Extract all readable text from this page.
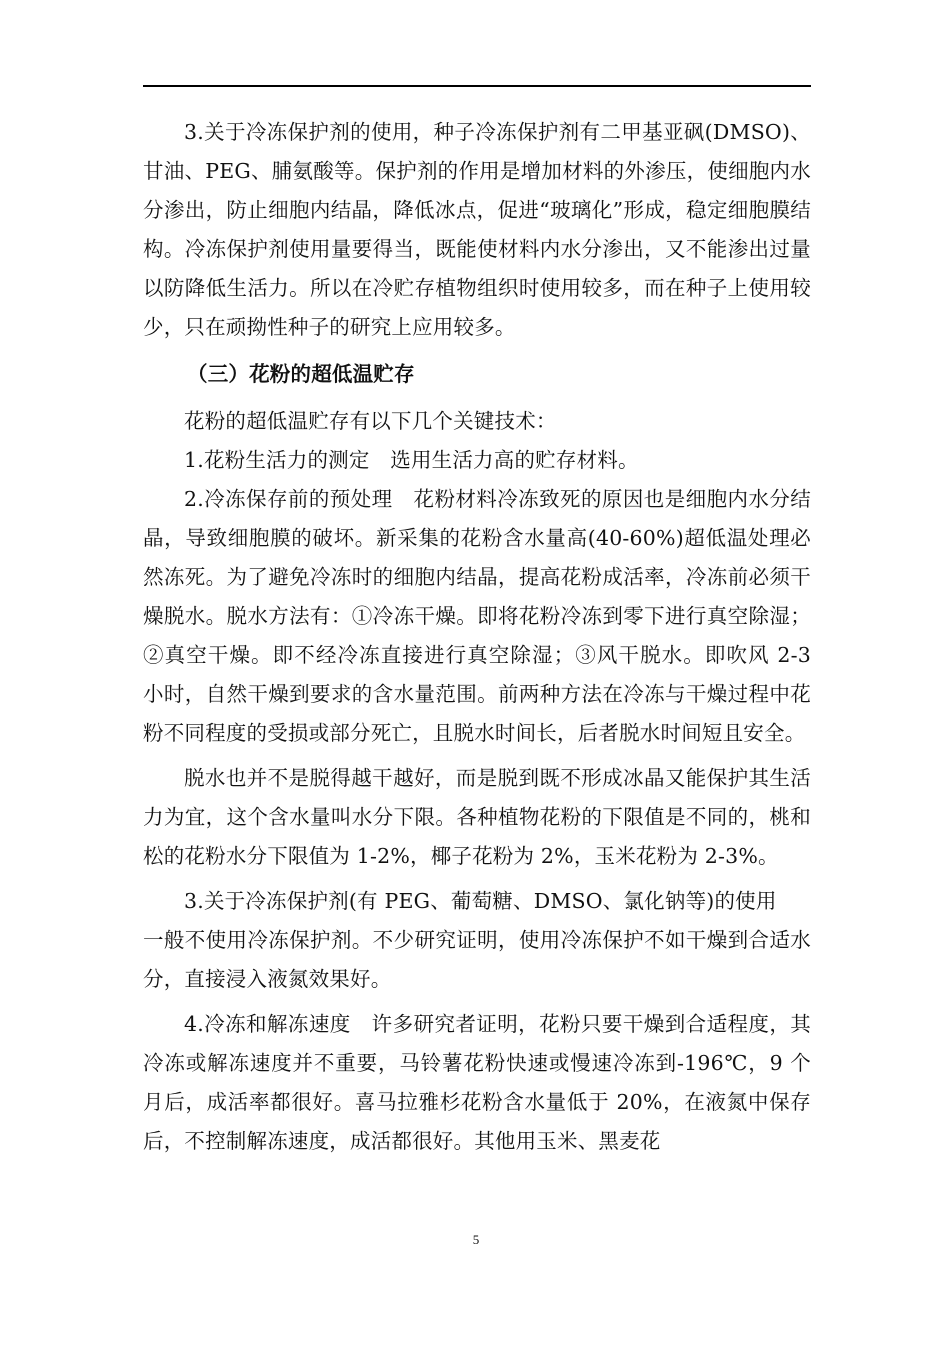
3.关于冷冻保护剂的使用，种子冷冻保护剂有二甲基亚砜(DMSO)、甘油、PEG、脯氨酸等。保护剂的作用是增加材料的外渗压，使细胞内水分渗出，防止细胞内结晶，降低冰点，促进“玻璃化”形成，稳定细胞膜结构。冷冻保护剂使用量要得当，既能使材料内水分渗出，又不能渗出过量以防降低生活力。所以在冷贮存植物组织时使用较多，而在种子上使用较少，只在顽拗性种子的研究上应用较多。

（三）花粉的超低温贮存

花粉的超低温贮存有以下几个关键技术：

1.花粉生活力的测定　选用生活力高的贮存材料。

2.冷冻保存前的预处理　花粉材料冷冻致死的原因也是细胞内水分结晶，导致细胞膜的破坏。新采集的花粉含水量高(40-60%)超低温处理必然冻死。为了避免冷冻时的细胞内结晶，提高花粉成活率，冷冻前必须干燥脱水。脱水方法有：①冷冻干燥。即将花粉冷冻到零下进行真空除湿；②真空干燥。即不经冷冻直接进行真空除湿；③风干脱水。即吹风 2-3 小时，自然干燥到要求的含水量范围。前两种方法在冷冻与干燥过程中花粉不同程度的受损或部分死亡，且脱水时间长，后者脱水时间短且安全。

脱水也并不是脱得越干越好，而是脱到既不形成冰晶又能保护其生活力为宜，这个含水量叫水分下限。各种植物花粉的下限值是不同的，桃和松的花粉水分下限值为 1-2%，椰子花粉为 2%，玉米花粉为 2-3%。

3.关于冷冻保护剂(有 PEG、葡萄糖、DMSO、氯化钠等)的使用

一般不使用冷冻保护剂。不少研究证明，使用冷冻保护不如干燥到合适水分，直接浸入液氮效果好。

4.冷冻和解冻速度　许多研究者证明，花粉只要干燥到合适程度，其冷冻或解冻速度并不重要，马铃薯花粉快速或慢速冷冻到-196℃，9 个月后，成活率都很好。喜马拉雅杉花粉含水量低于 20%，在液氮中保存后，不控制解冻速度，成活都很好。其他用玉米、黑麦花

5
